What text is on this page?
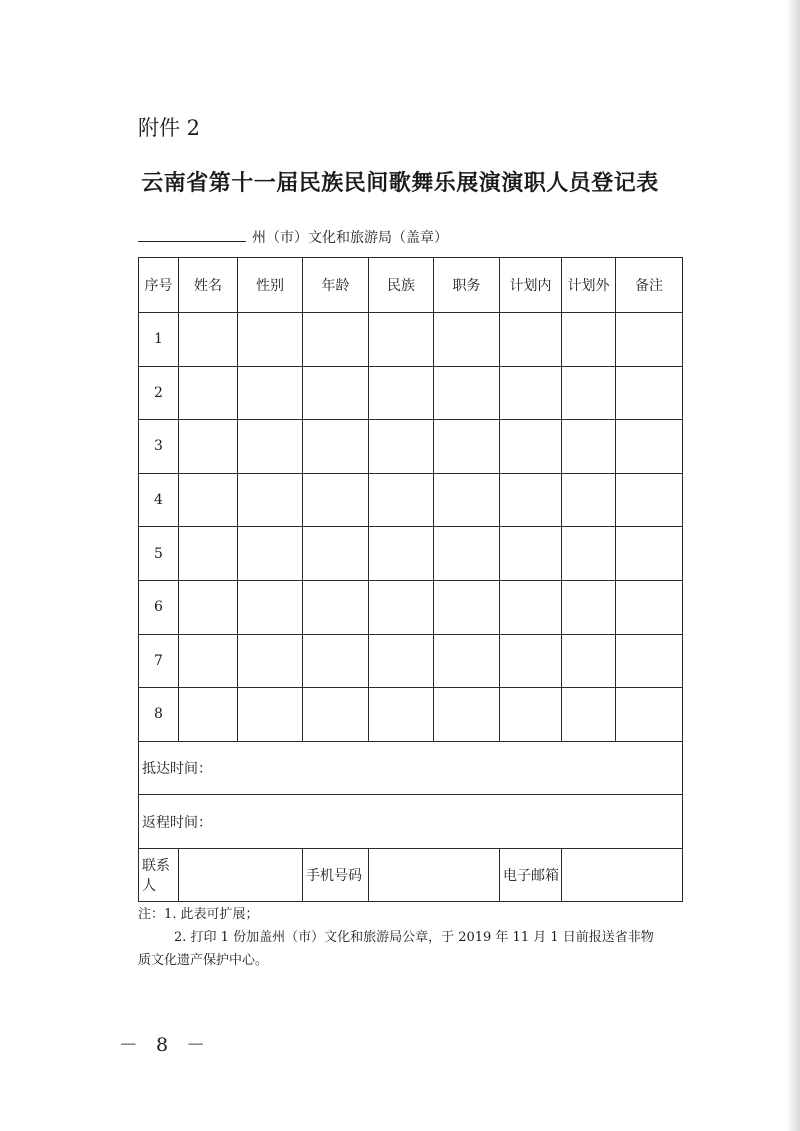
附件 2
云南省第十一届民族民间歌舞乐展演演职人员登记表
州（市）文化和旅游局（盖章）
序号	姓名	性别	年龄	民族	职务	计划内	计划外	备注
1								
2								
3								
4								
5								
6								
7								
8								
抵达时间：								
返程时间：								
联系人			手机号码			电子邮箱		
注：1. 此表可扩展；
2. 打印 1 份加盖州（市）文化和旅游局公章，于 2019 年 11 月 1 日前报送省非物
质文化遗产保护中心。
－ 8 －
